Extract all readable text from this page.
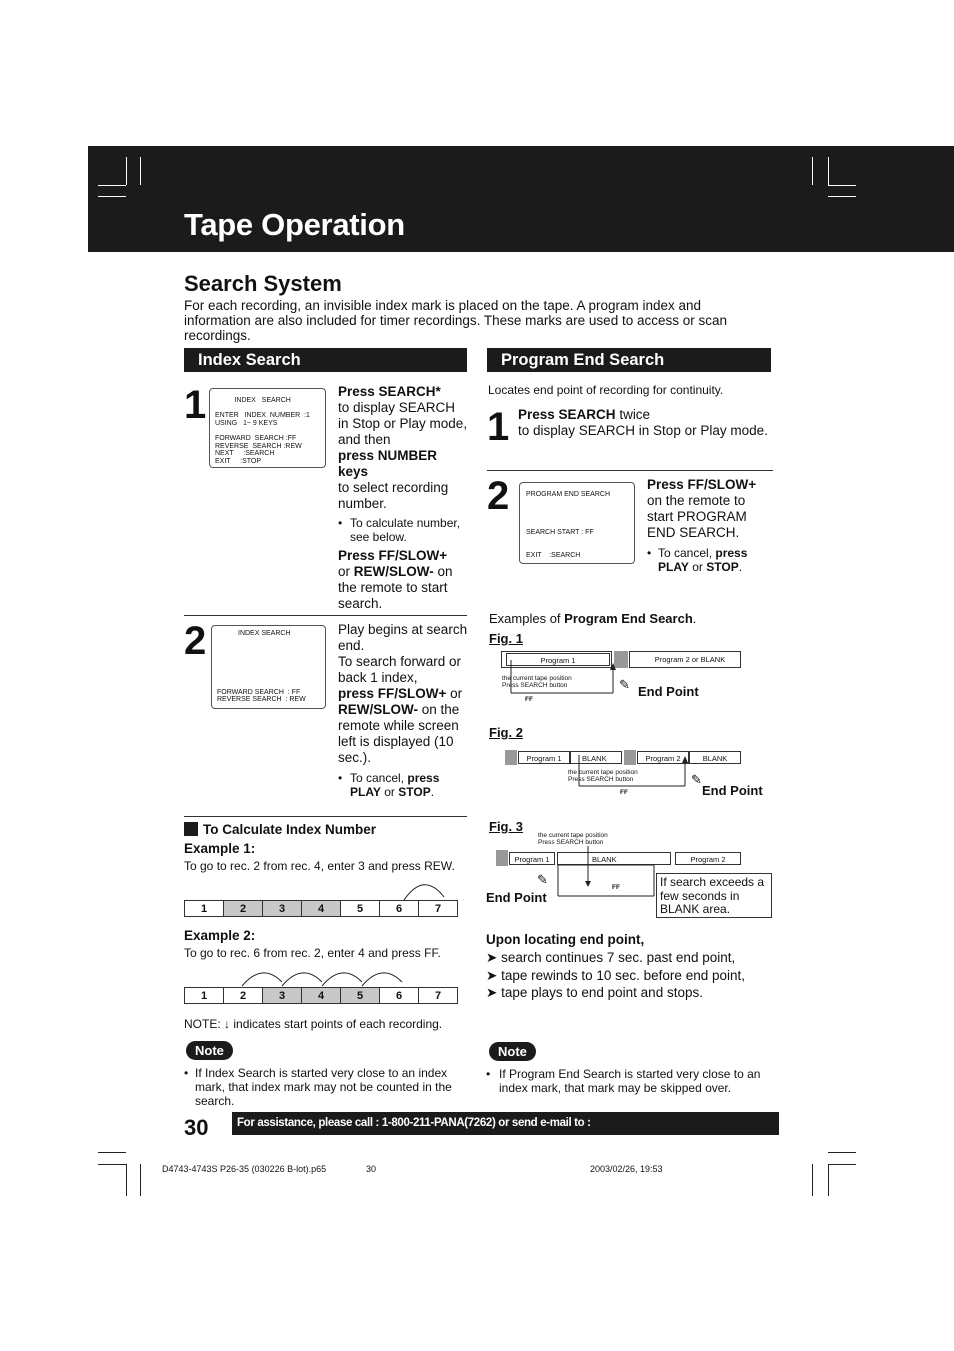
Tape Operation
Search System
For each recording, an invisible index mark is placed on the tape. A program index and information are also included for timer recordings. These marks are used to access or scan recordings.
Index Search
1	INDEX   SEARCH

ENTER   INDEX  NUMBER  :1
USING   1~ 9 KEYS

FORWARD  SEARCH :FF
REVERSE  SEARCH :REW
NEXT     :SEARCH
EXIT     :STOP
Press SEARCH*
to display SEARCH in Stop or Play mode, and then
press NUMBER keys
to select recording number.
• To calculate number, see below.
Press FF/SLOW+
or REW/SLOW- on the remote to start search.
2	INDEX SEARCH
FORWARD SEARCH  : FF
REVERSE SEARCH  : REW
Play begins at search end.
To search forward or back 1 index,
press FF/SLOW+ or REW/SLOW- on the remote while screen left is displayed (10 sec.).
• To cancel, press PLAY or STOP.
To Calculate Index Number
Example 1:
To go to rec. 2 from rec. 4, enter 3 and press REW.
1	2	3	4	5	6	7
Example 2:
To go to rec. 6 from rec. 2, enter 4 and press FF.
1	2	3	4	5	6	7
NOTE: ↓ indicates start points of each recording.
Note
• If Index Search is started very close to an index mark, that index mark may not be counted in the search.
Program End Search
Locates end point of recording for continuity.
1 Press SEARCH twice
to display SEARCH in Stop or Play mode.
2 PROGRAM END SEARCH

SEARCH START : FF

EXIT    :SEARCH
Press FF/SLOW+
on the remote to start PROGRAM END SEARCH.
• To cancel, press PLAY or STOP.
Examples of Program End Search.
Fig. 1
Program 1	Program 2 or BLANK
the current tape position
Press SEARCH button
FF
✎ End Point
Fig. 2
Program 1	BLANK	Program 2	BLANK
the current tape position
Press SEARCH button
FF
✎
End Point
Fig. 3
the current tape position
Press SEARCH button
Program 1	BLANK	Program 2
FF
✎
End Point
If search exceeds a few seconds in BLANK area.
Upon locating end point,
➤ search continues 7 sec. past end point,
➤ tape rewinds to 10 sec. before end point,
➤ tape plays to end point and stops.
Note
• If Program End Search is started very close to an index mark, that mark may be skipped over.
30	For assistance, please call : 1-800-211-PANA(7262) or send e-mail to : consumerproducts@panasonic.com
D4743-4743S P26-35 (030226 B-lot).p65	30	2003/02/26, 19:53
